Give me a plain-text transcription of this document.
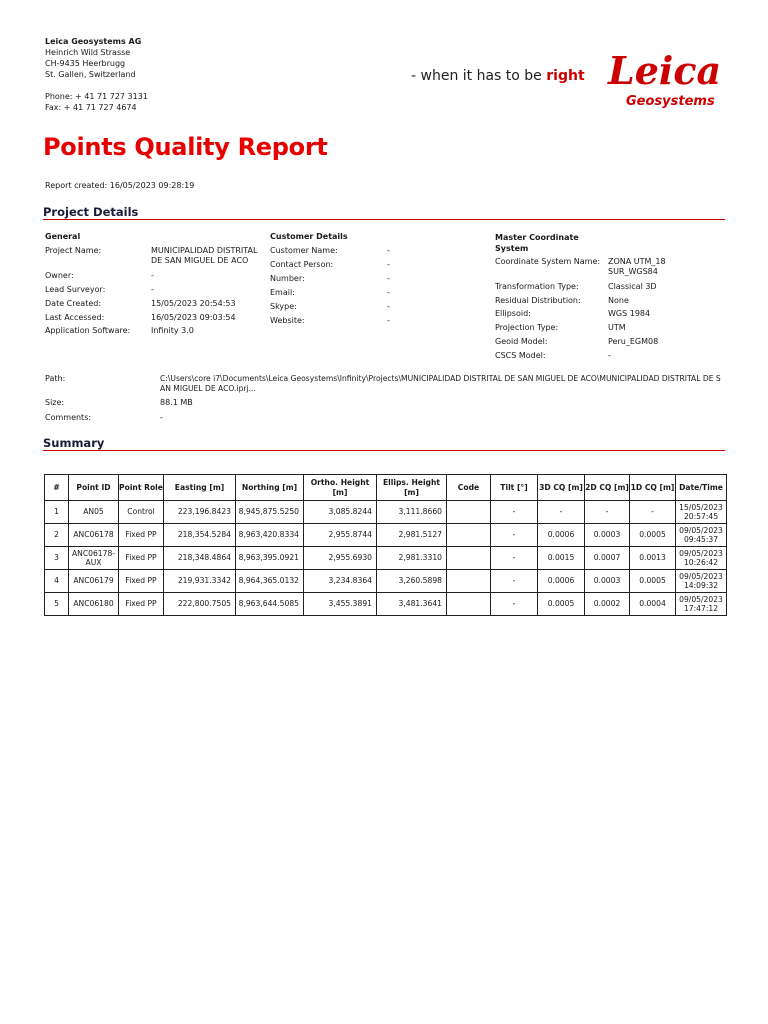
Leica Geosystems AG
Heinrich Wild Strasse
CH-9435 Heerbrugg
St. Gallen, Switzerland
Phone: + 41 71 727 3131
Fax: + 41 71 727 4674
- when it has to be right Leica
Geosystems
Points Quality Report
Report created: 16/05/2023 09:28:19
Project Details
General
Project Name:	MUNICIPALIDAD DISTRITAL DE SAN MIGUEL DE ACO
Owner:	-
Lead Surveyor:	-
Date Created:	15/05/2023 20:54:53
Last Accessed:	16/05/2023 09:03:54
Application Software:	Infinity 3.0
Customer Details
Customer Name:	-
Contact Person:	-
Number:	-
Email:	-
Skype:	-
Website:	-
Master Coordinate System
Coordinate System Name: ZONA UTM_18 SUR_WGS84
Transformation Type:	Classical 3D
Residual Distribution:	None
Ellipsoid:	WGS 1984
Projection Type:	UTM
Geoid Model:	Peru_EGM08
CSCS Model:	-
Path:	C:\Users\core i7\Documents\Leica Geosystems\Infinity\Projects\MUNICIPALIDAD DISTRITAL DE SAN MIGUEL DE ACO\MUNICIPALIDAD DISTRITAL DE SAN MIGUEL DE ACO.iprj...
Size:	88.1 MB
Comments:	-
Summary
#	Point ID	Point Role	Easting [m]	Northing [m]	Ortho. Height [m]	Ellips. Height [m]	Code	Tilt [°]	3D CQ [m]	2D CQ [m]	1D CQ [m]	Date/Time
1	AN05	Control	223,196.8423	8,945,875.5250	3,085.8244	3,111.8660		-	-	-	-	15/05/2023 20:57:45
2	ANC06178	Fixed PP	218,354.5284	8,963,420.8334	2,955.8744	2,981.5127		-	0.0006	0.0003	0.0005	09/05/2023 09:45:37
3	ANC06178-AUX	Fixed PP	218,348.4864	8,963,395.0921	2,955.6930	2,981.3310		-	0.0015	0.0007	0.0013	09/05/2023 10:26:42
4	ANC06179	Fixed PP	219,931.3342	8,964,365.0132	3,234.8364	3,260.5898		-	0.0006	0.0003	0.0005	09/05/2023 14:09:32
5	ANC06180	Fixed PP	222,800.7505	8,963,644.5085	3,455.3891	3,481.3641		-	0.0005	0.0002	0.0004	09/05/2023 17:47:12
